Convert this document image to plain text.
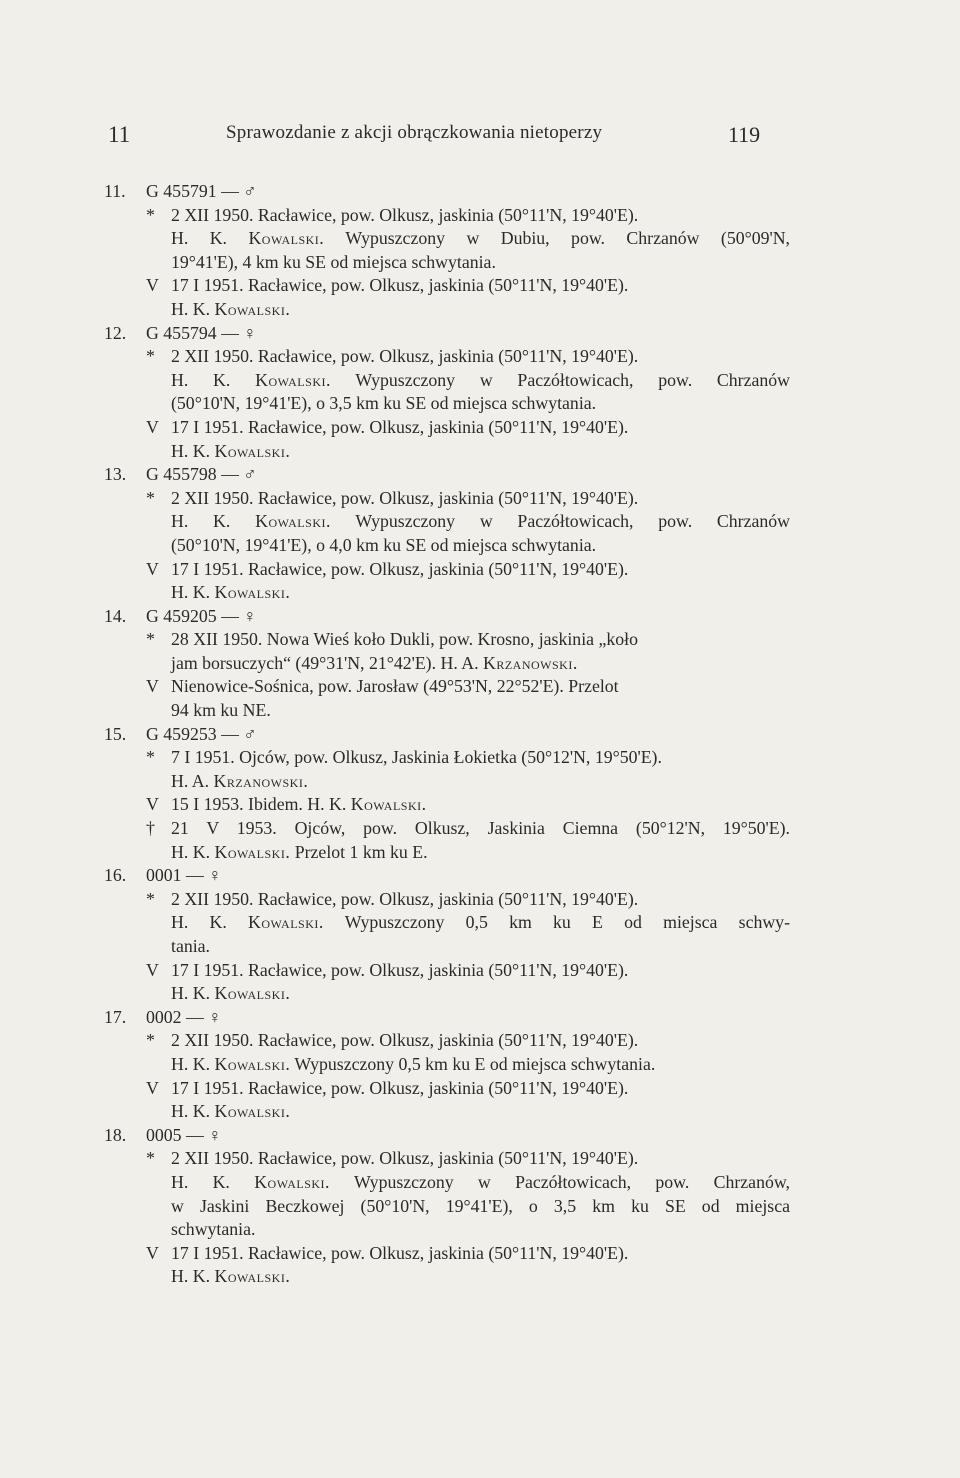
11	Sprawozdanie z akcji obrączkowania nietoperzy	119
11. G 455791 — ♂
* 2 XII 1950. Racławice, pow. Olkusz, jaskinia (50°11'N, 19°40'E).
H. K. Kowalski. Wypuszczony w Dubiu, pow. Chrzanów (50°09'N,
19°41'E), 4 km ku SE od miejsca schwytania.
V 17 I 1951. Racławice, pow. Olkusz, jaskinia (50°11'N, 19°40'E).
H. K. Kowalski.
12. G 455794 — ♀
* 2 XII 1950. Racławice, pow. Olkusz, jaskinia (50°11'N, 19°40'E).
H. K. Kowalski. Wypuszczony w Paczółtowicach, pow. Chrzanów
(50°10'N, 19°41'E), o 3,5 km ku SE od miejsca schwytania.
V 17 I 1951. Racławice, pow. Olkusz, jaskinia (50°11'N, 19°40'E).
H. K. Kowalski.
13. G 455798 — ♂
* 2 XII 1950. Racławice, pow. Olkusz, jaskinia (50°11'N, 19°40'E).
H. K. Kowalski. Wypuszczony w Paczółtowicach, pow. Chrzanów
(50°10'N, 19°41'E), o 4,0 km ku SE od miejsca schwytania.
V 17 I 1951. Racławice, pow. Olkusz, jaskinia (50°11'N, 19°40'E).
H. K. Kowalski.
14. G 459205 — ♀
* 28 XII 1950. Nowa Wieś koło Dukli, pow. Krosno, jaskinia „koło
jam borsuczych“ (49°31'N, 21°42'E). H. A. Krzanowski.
V Nienowice-Sośnica, pow. Jarosław (49°53'N, 22°52'E). Przelot
94 km ku NE.
15. G 459253 — ♂
* 7 I 1951. Ojców, pow. Olkusz, Jaskinia Łokietka (50°12'N, 19°50'E).
H. A. Krzanowski.
V 15 I 1953. Ibidem. H. K. Kowalski.
† 21 V 1953. Ojców, pow. Olkusz, Jaskinia Ciemna (50°12'N, 19°50'E).
H. K. Kowalski. Przelot 1 km ku E.
16. 0001 — ♀
* 2 XII 1950. Racławice, pow. Olkusz, jaskinia (50°11'N, 19°40'E).
H. K. Kowalski. Wypuszczony 0,5 km ku E od miejsca schwy-
tania.
V 17 I 1951. Racławice, pow. Olkusz, jaskinia (50°11'N, 19°40'E).
H. K. Kowalski.
17. 0002 — ♀
* 2 XII 1950. Racławice, pow. Olkusz, jaskinia (50°11'N, 19°40'E).
H. K. Kowalski. Wypuszczony 0,5 km ku E od miejsca schwytania.
V 17 I 1951. Racławice, pow. Olkusz, jaskinia (50°11'N, 19°40'E).
H. K. Kowalski.
18. 0005 — ♀
* 2 XII 1950. Racławice, pow. Olkusz, jaskinia (50°11'N, 19°40'E).
H. K. Kowalski. Wypuszczony w Paczółtowicach, pow. Chrzanów,
w Jaskini Beczkowej (50°10'N, 19°41'E), o 3,5 km ku SE od miejsca
schwytania.
V 17 I 1951. Racławice, pow. Olkusz, jaskinia (50°11'N, 19°40'E).
H. K. Kowalski.
